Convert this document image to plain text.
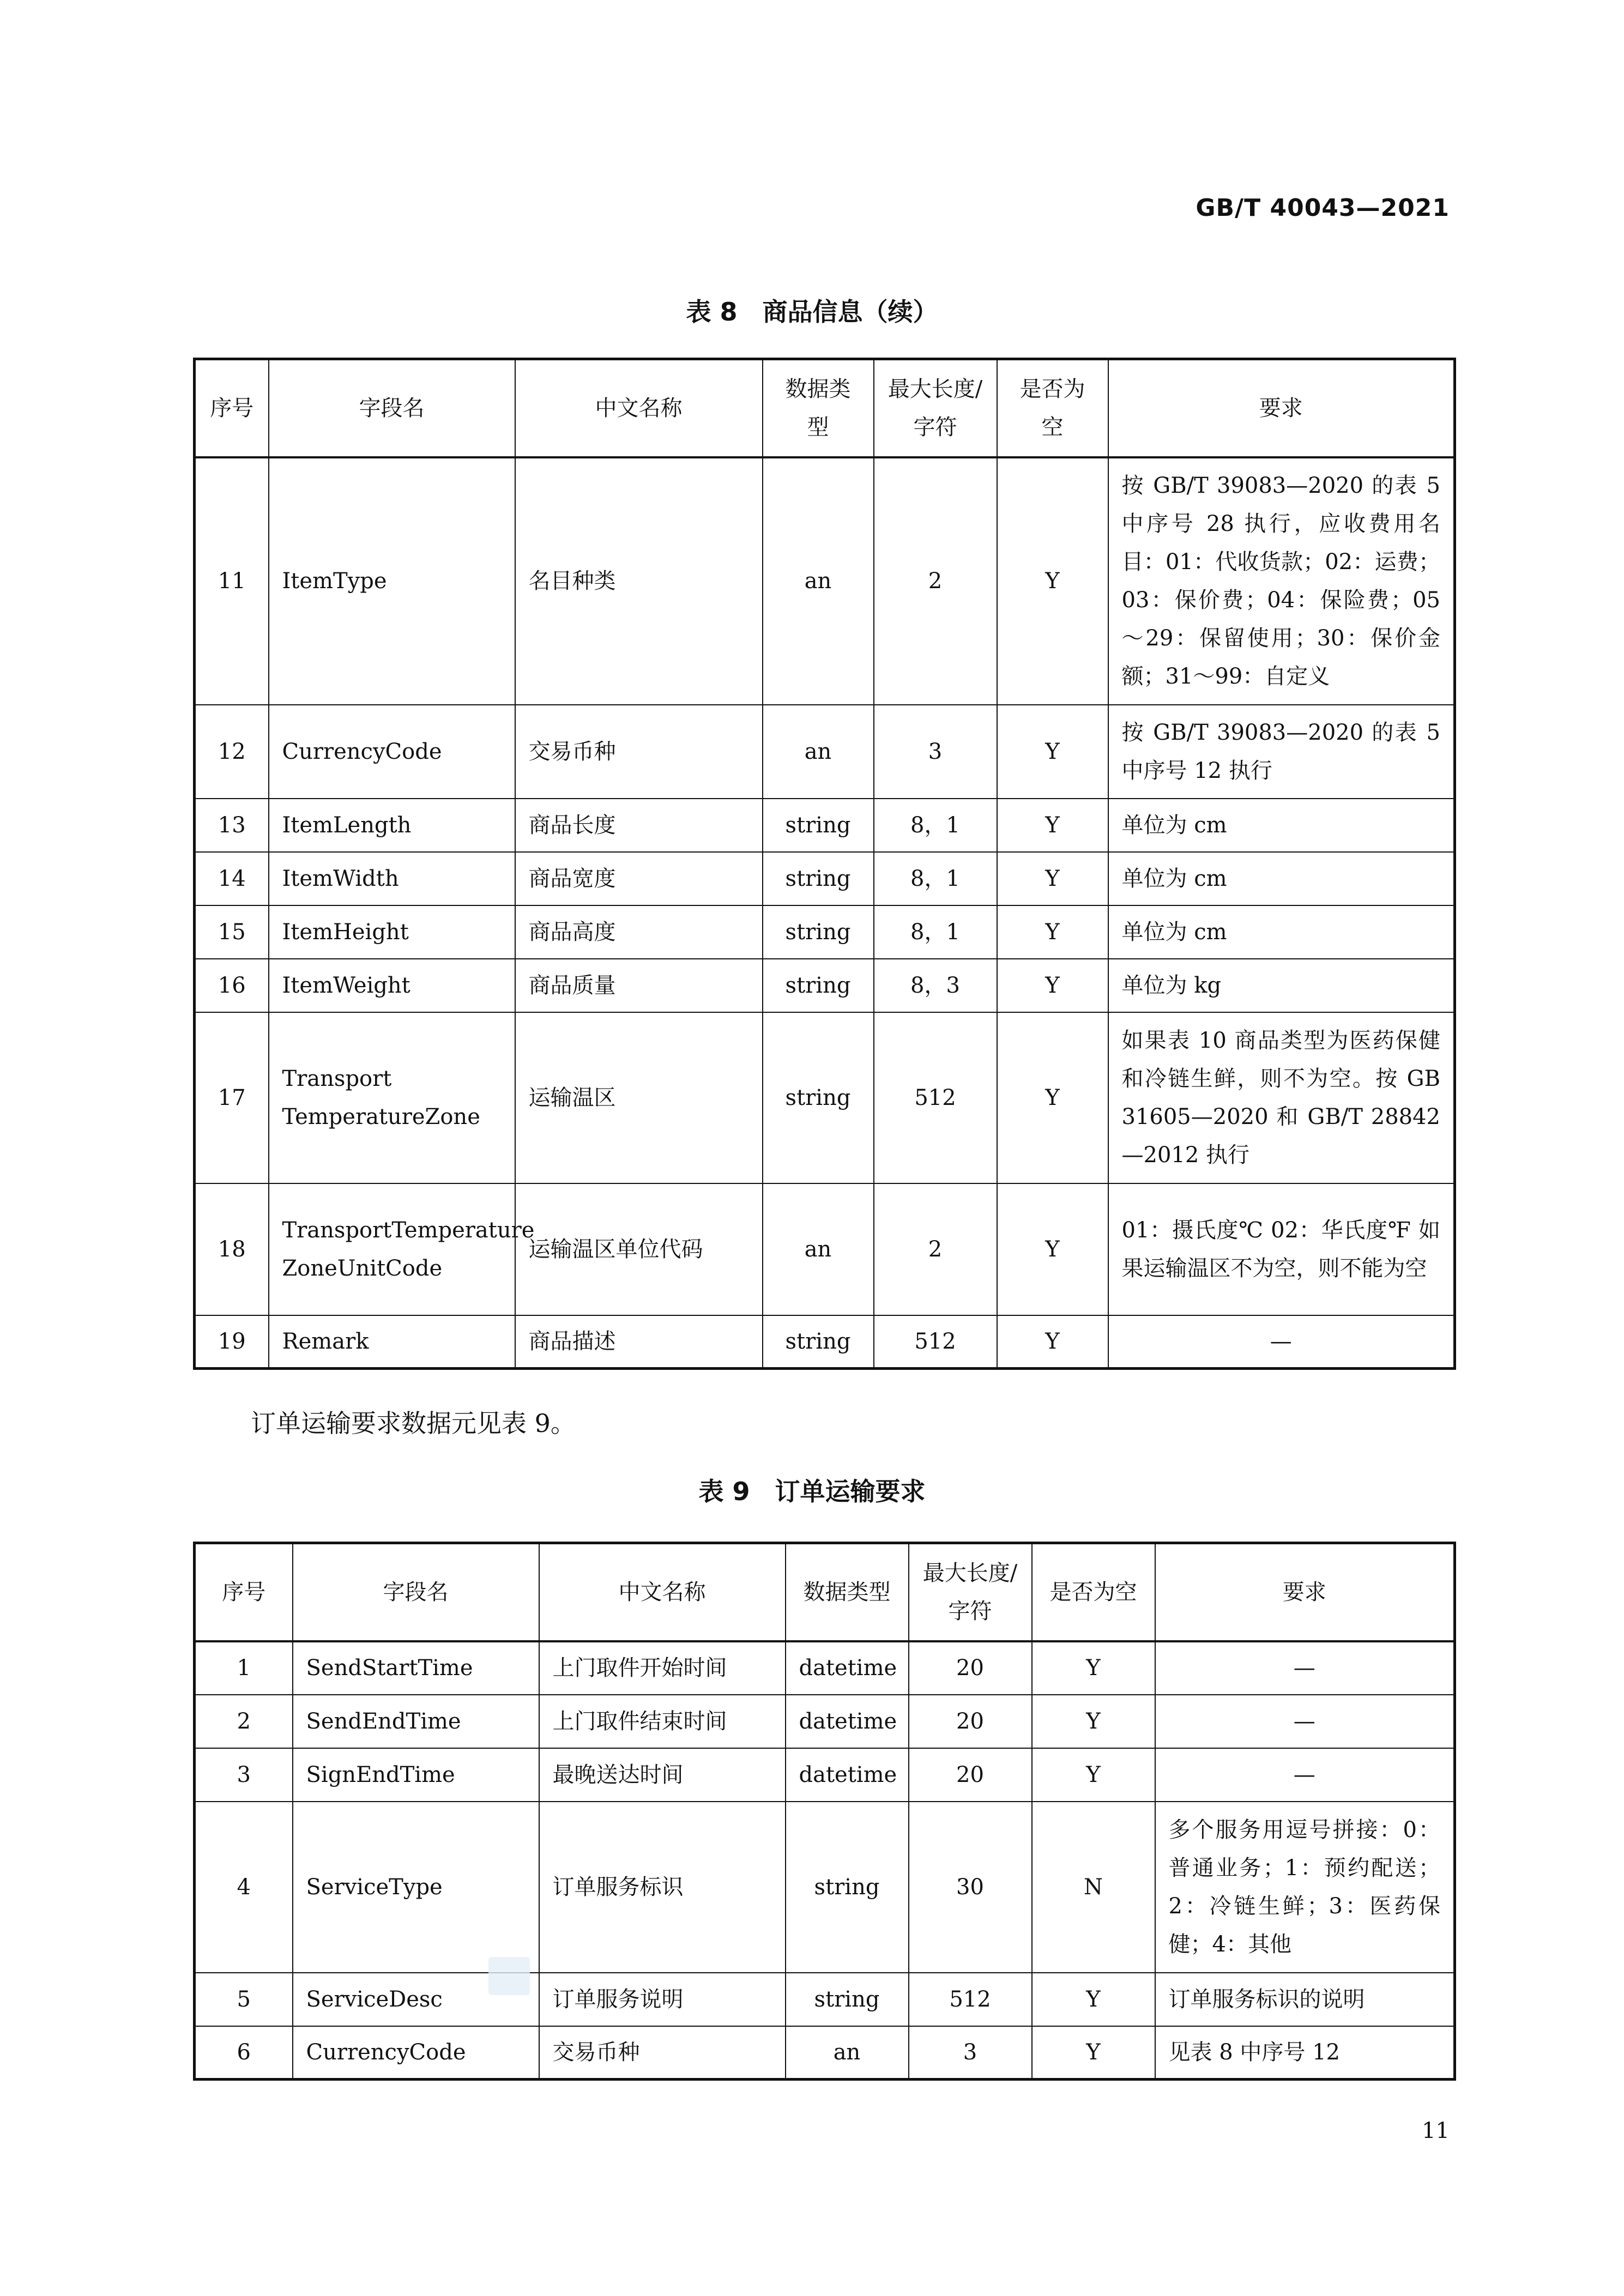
GB/T 40043—2021
表 8　商品信息（续）
序号	字段名	中文名称	数据类型	最大长度/字符	是否为空	要求
11	ItemType	名目种类	an	2	Y	按 GB/T 39083—2020 的表 5 中序号 28 执行，应收费用名目：01：代收货款；02：运费；03：保价费；04：保险费；05～29：保留使用；30：保价金额；31～99：自定义
12	CurrencyCode	交易币种	an	3	Y	按 GB/T 39083—2020 的表 5 中序号 12 执行
13	ItemLength	商品长度	string	8，1	Y	单位为 cm
14	ItemWidth	商品宽度	string	8，1	Y	单位为 cm
15	ItemHeight	商品高度	string	8，1	Y	单位为 cm
16	ItemWeight	商品质量	string	8，3	Y	单位为 kg
17	Transport TemperatureZone	运输温区	string	512	Y	如果表 10 商品类型为医药保健和冷链生鲜，则不为空。按 GB 31605—2020 和 GB/T 28842—2012 执行
18	TransportTemperature ZoneUnitCode	运输温区单位代码	an	2	Y	01：摄氏度℃ 02：华氏度℉ 如果运输温区不为空，则不能为空
19	Remark	商品描述	string	512	Y	—
订单运输要求数据元见表 9。
表 9　订单运输要求
序号	字段名	中文名称	数据类型	最大长度/字符	是否为空	要求
1	SendStartTime	上门取件开始时间	datetime	20	Y	—
2	SendEndTime	上门取件结束时间	datetime	20	Y	—
3	SignEndTime	最晚送达时间	datetime	20	Y	—
4	ServiceType	订单服务标识	string	30	N	多个服务用逗号拼接：0：普通业务；1：预约配送；2：冷链生鲜；3：医药保健；4：其他
5	ServiceDesc	订单服务说明	string	512	Y	订单服务标识的说明
6	CurrencyCode	交易币种	an	3	Y	见表 8 中序号 12
11
